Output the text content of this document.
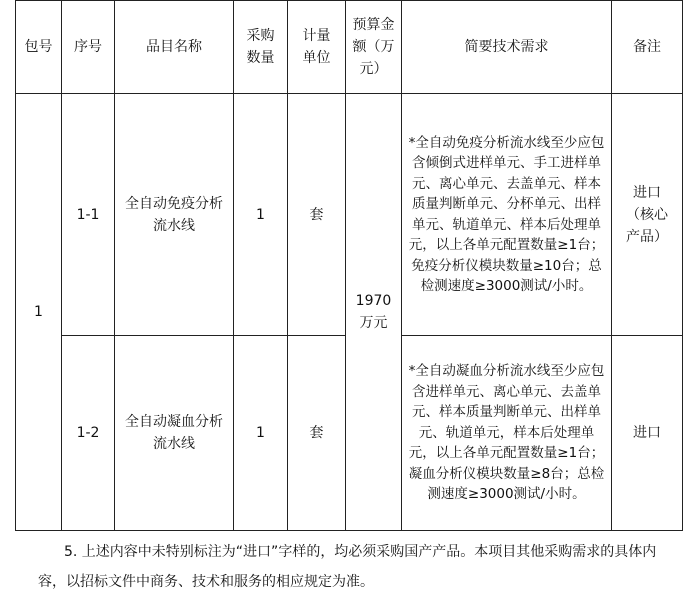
包号	序号	品目名称	采购数量	计量单位	预算金额（万元）	简要技术需求	备注
1	1-1	全自动免疫分析流水线	1	套	1970万元	*全自动免疫分析流水线至少应包含倾倒式进样单元、手工进样单元、离心单元、去盖单元、样本质量判断单元、分杯单元、出样单元、轨道单元、样本后处理单元，以上各单元配置数量≥1台；免疫分析仪模块数量≥10台；总检测速度≥3000测试/小时。	进口（核心产品）
	1-2	全自动凝血分析流水线	1	套		*全自动凝血分析流水线至少应包含进样单元、离心单元、去盖单元、样本质量判断单元、出样单元、轨道单元，样本后处理单元，以上各单元配置数量≥1台；凝血分析仪模块数量≥8台；总检测速度≥3000测试/小时。	进口

5. 上述内容中未特别标注为“进口”字样的，均必须采购国产产品。本项目其他采购需求的具体内容，以招标文件中商务、技术和服务的相应规定为准。
